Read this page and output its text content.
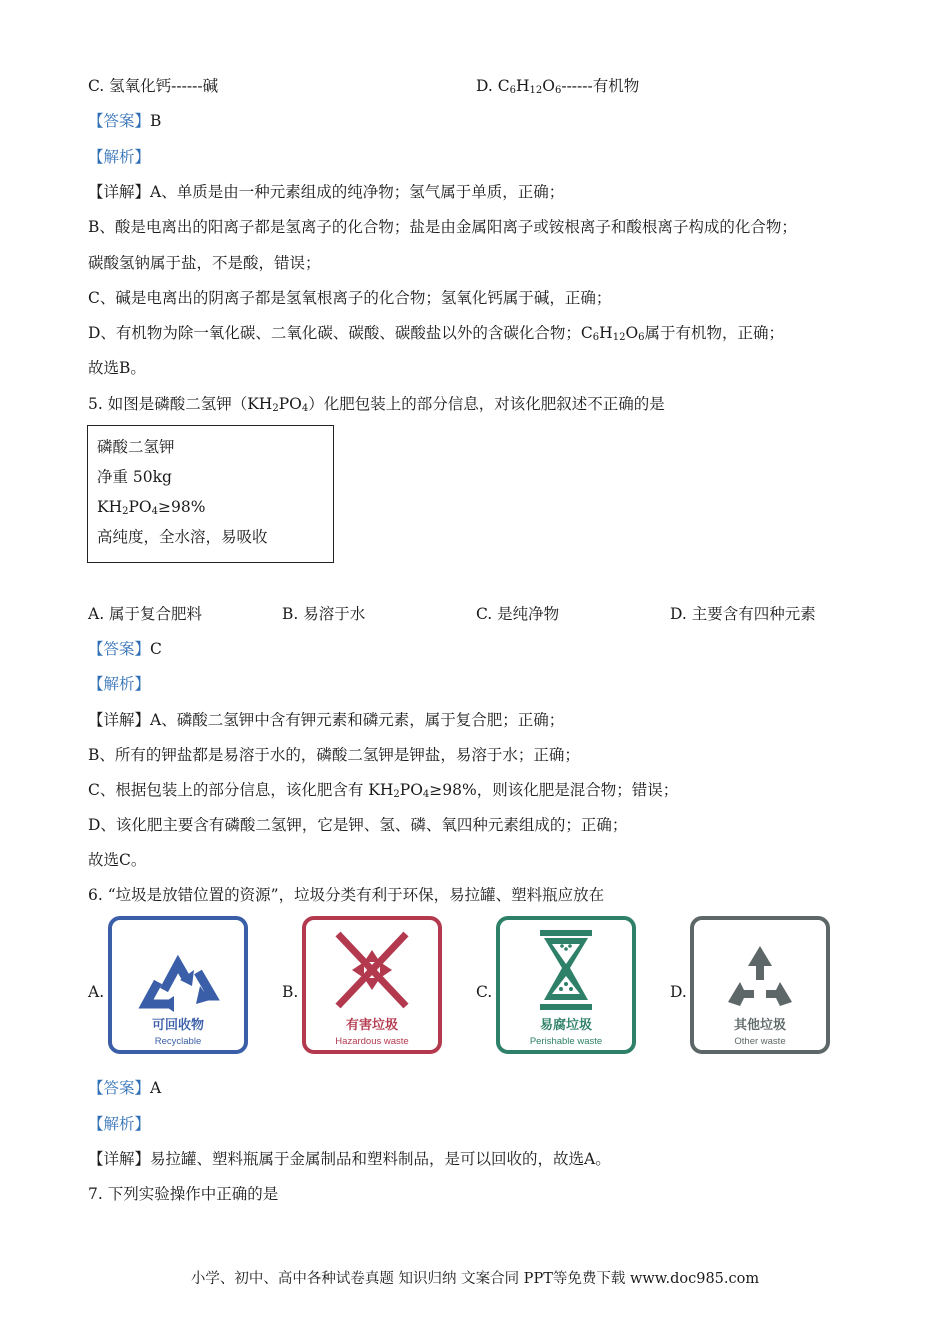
C. 氢氧化钙------碱	D. $C_6H_{12}O_6------$有机物
【答案】B
【解析】
【详解】A、单质是由一种元素组成的纯净物；氢气属于单质，正确；
B、酸是电离出的阳离子都是氢离子的化合物；盐是由金属阳离子或铵根离子和酸根离子构成的化合物；
碳酸氢钠属于盐，不是酸，错误；
C、碱是电离出的阴离子都是氢氧根离子的化合物；氢氧化钙属于碱，正确；
D、有机物为除一氧化碳、二氧化碳、碳酸、碳酸盐以外的含碳化合物；$C_6H_{12}O_6$属于有机物，正确；
故选B。
5. 如图是磷酸二氢钾$(KH_2PO_4)$化肥包装上的部分信息，对该化肥叙述不正确的是
磷酸二氢钾
净重 50kg
$KH_2PO_4\ge 98\%$
高纯度，全水溶，易吸收
A. 属于复合肥料	B. 易溶于水	C. 是纯净物	D. 主要含有四种元素
【答案】C
【解析】
【详解】A、磷酸二氢钾中含有钾元素和磷元素，属于复合肥；正确；
B、所有的钾盐都是易溶于水的，磷酸二氢钾是钾盐，易溶于水；正确；
C、根据包装上的部分信息，该化肥含有 $KH_2PO_4\ge 98\%$，则该化肥是混合物；错误；
D、该化肥主要含有磷酸二氢钾，它是钾、氢、磷、氧四种元素组成的；正确；
故选C。
6. “垃圾是放错位置的资源”，垃圾分类有利于环保，易拉罐、塑料瓶应放在
A.
可回收物
Recyclable
B.
有害垃圾
Hazardous waste
C.
易腐垃圾
Perishable waste
D.
其他垃圾
Other waste
【答案】A
【解析】
【详解】易拉罐、塑料瓶属于金属制品和塑料制品，是可以回收的，故选A。
7. 下列实验操作中正确的是
小学、初中、高中各种试卷真题 知识归纳 文案合同 PPT等免费下载 www.doc985.com
